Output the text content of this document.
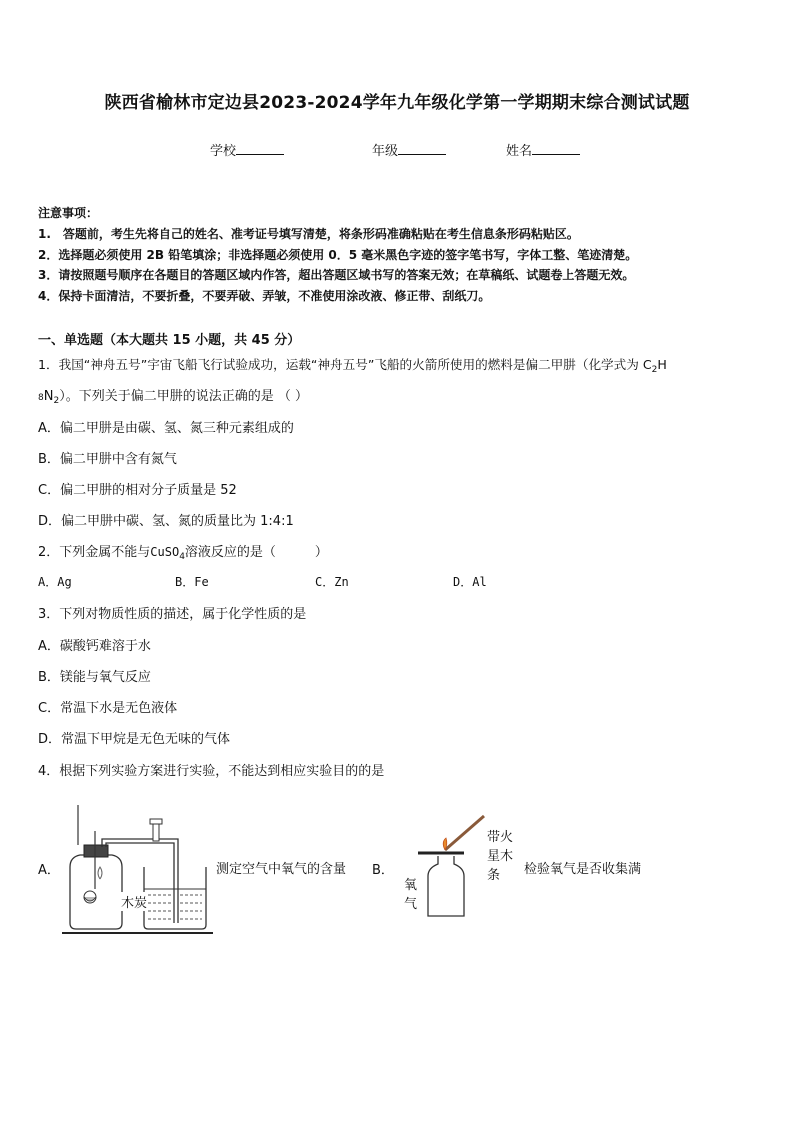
陕西省榆林市定边县2023-2024学年九年级化学第一学期期末综合测试试题
学校	年级	姓名
注意事项：
1.　答题前，考生先将自己的姓名、准考证号填写清楚，将条形码准确粘贴在考生信息条形码粘贴区。
2．选择题必须使用 2B 铅笔填涂；非选择题必须使用 0．5 毫米黑色字迹的签字笔书写，字体工整、笔迹清楚。
3．请按照题号顺序在各题目的答题区域内作答，超出答题区域书写的答案无效；在草稿纸、试题卷上答题无效。
4．保持卡面清洁，不要折叠，不要弄破、弄皱，不准使用涂改液、修正带、刮纸刀。
一、单选题（本大题共 15 小题，共 45 分）
1．我国“神舟五号”宇宙飞船飞行试验成功，运载“神舟五号”飞船的火箭所使用的燃料是偏二甲肼（化学式为 $C_2H$
$8N_2$）。下列关于偏二甲肼的说法正确的是 （ ）
A．偏二甲肼是由碳、氢、氮三种元素组成的
B．偏二甲肼中含有氮气
C．偏二甲肼的相对分子质量是 52
D．偏二甲肼中碳、氢、氮的质量比为 1:4:1
2．下列金属不能与CuSO$_4$溶液反应的是（　　　）
A．Ag	B．Fe	C．Zn	D．Al
3．下列对物质性质的描述，属于化学性质的是
A．碳酸钙难溶于水
B．镁能与氧气反应
C．常温下水是无色液体
D．常温下甲烷是无色无味的气体
4．根据下列实验方案进行实验，不能达到相应实验目的的是
A．
木炭
测定空气中氧气的含量 B．
带火
星木
条
氧
气
检验氧气是否收集满
